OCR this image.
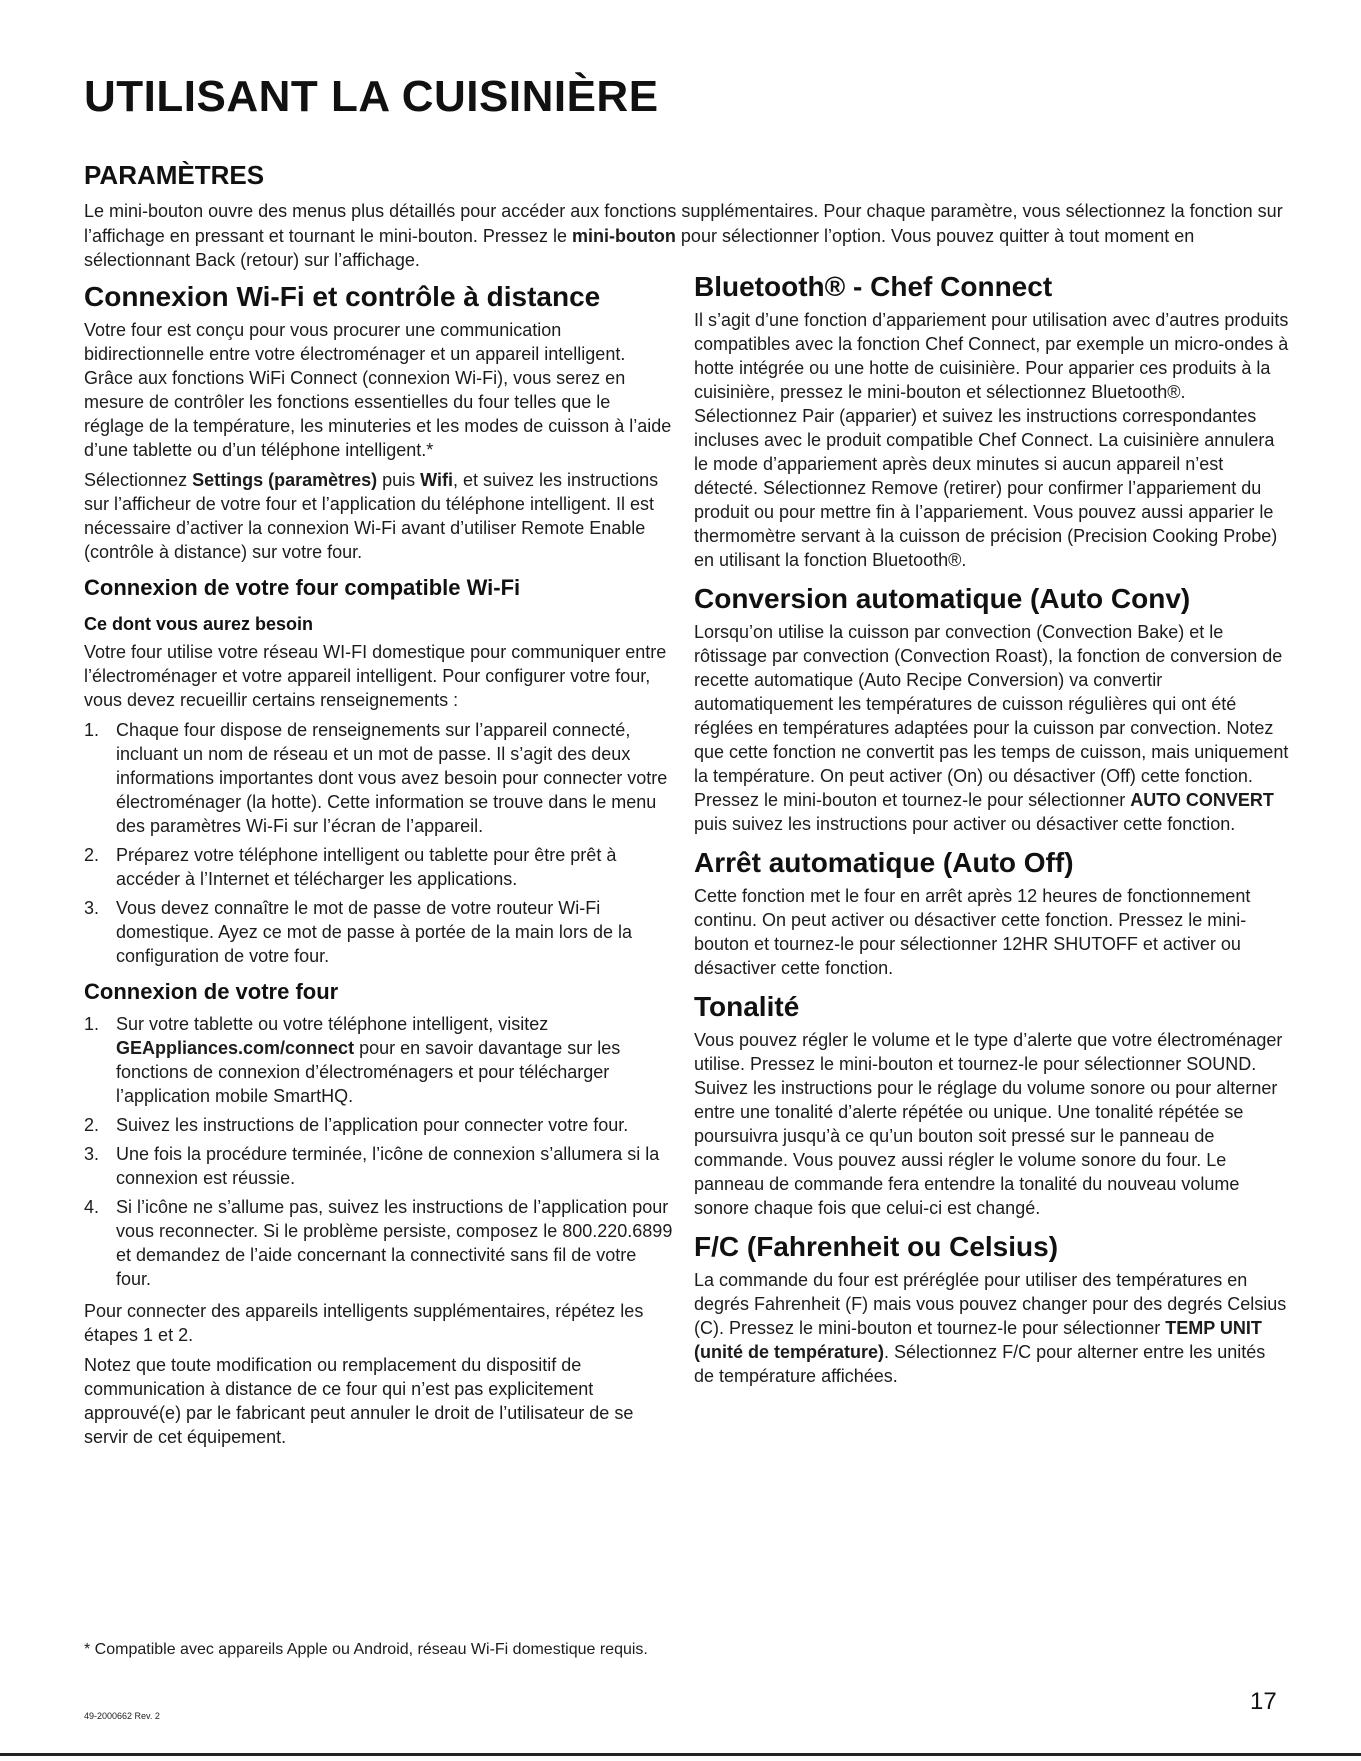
UTILISANT LA CUISINIÈRE
PARAMÈTRES

Le mini-bouton ouvre des menus plus détaillés pour accéder aux fonctions supplémentaires. Pour chaque paramètre, vous sélectionnez la fonction sur l’affichage en pressant et tournant le mini-bouton. Pressez le mini-bouton pour sélectionner l’option. Vous pouvez quitter à tout moment en sélectionnant Back (retour) sur l’affichage.

Connexion Wi-Fi et contrôle à distance

Votre four est conçu pour vous procurer une communication bidirectionnelle entre votre électroménager et un appareil intelligent. Grâce aux fonctions WiFi Connect (connexion Wi-Fi), vous serez en mesure de contrôler les fonctions essentielles du four telles que le réglage de la température, les minuteries et les modes de cuisson à l’aide d’une tablette ou d’un téléphone intelligent.*

Sélectionnez Settings (paramètres) puis Wifi, et suivez les instructions sur l’afficheur de votre four et l’application du téléphone intelligent. Il est nécessaire d’activer la connexion Wi-Fi avant d’utiliser Remote Enable (contrôle à distance) sur votre four.

Connexion de votre four compatible Wi-Fi
Ce dont vous aurez besoin

Votre four utilise votre réseau WI-FI domestique pour communiquer entre l’électroménager et votre appareil intelligent. Pour configurer votre four, vous devez recueillir certains renseignements :

1. Chaque four dispose de renseignements sur l’appareil connecté, incluant un nom de réseau et un mot de passe. Il s’agit des deux informations importantes dont vous avez besoin pour connecter votre électroménager (la hotte). Cette information se trouve dans le menu des paramètres Wi-Fi sur l’écran de l’appareil.
2. Préparez votre téléphone intelligent ou tablette pour être prêt à accéder à l’Internet et télécharger les applications.
3. Vous devez connaître le mot de passe de votre routeur Wi-Fi domestique. Ayez ce mot de passe à portée de la main lors de la configuration de votre four.
Connexion de votre four
1. Sur votre tablette ou votre téléphone intelligent, visitez GEAppliances.com/connect pour en savoir davantage sur les fonctions de connexion d’électroménagers et pour télécharger l’application mobile SmartHQ.
2. Suivez les instructions de l’application pour connecter votre four.
3. Une fois la procédure terminée, l’icône de connexion s’allumera si la connexion est réussie.
4. Si l’icône ne s’allume pas, suivez les instructions de l’application pour vous reconnecter. Si le problème persiste, composez le 800.220.6899 et demandez de l’aide concernant la connectivité sans fil de votre four.

Pour connecter des appareils intelligents supplémentaires, répétez les étapes 1 et 2.

Notez que toute modification ou remplacement du dispositif de communication à distance de ce four qui n’est pas explicitement approuvé(e) par le fabricant peut annuler le droit de l’utilisateur de se servir de cet équipement.

Bluetooth® - Chef Connect

Il s’agit d’une fonction d’appariement pour utilisation avec d’autres produits compatibles avec la fonction Chef Connect, par exemple un micro-ondes à hotte intégrée ou une hotte de cuisinière. Pour apparier ces produits à la cuisinière, pressez le mini-bouton et sélectionnez Bluetooth®. Sélectionnez Pair (apparier) et suivez les instructions correspondantes incluses avec le produit compatible Chef Connect. La cuisinière annulera le mode d’appariement après deux minutes si aucun appareil n’est détecté. Sélectionnez Remove (retirer) pour confirmer l’appariement du produit ou pour mettre fin à l’appariement. Vous pouvez aussi apparier le thermomètre servant à la cuisson de précision (Precision Cooking Probe) en utilisant la fonction Bluetooth®.

Conversion automatique (Auto Conv)

Lorsqu’on utilise la cuisson par convection (Convection Bake) et le rôtissage par convection (Convection Roast), la fonction de conversion de recette automatique (Auto Recipe Conversion) va convertir automatiquement les températures de cuisson régulières qui ont été réglées en températures adaptées pour la cuisson par convection. Notez que cette fonction ne convertit pas les temps de cuisson, mais uniquement la température. On peut activer (On) ou désactiver (Off) cette fonction. Pressez le mini-bouton et tournez-le pour sélectionner AUTO CONVERT puis suivez les instructions pour activer ou désactiver cette fonction.

Arrêt automatique (Auto Off)

Cette fonction met le four en arrêt après 12 heures de fonctionnement continu. On peut activer ou désactiver cette fonction. Pressez le mini-bouton et tournez-le pour sélectionner 12HR SHUTOFF et activer ou désactiver cette fonction.

Tonalité

Vous pouvez régler le volume et le type d’alerte que votre électroménager utilise. Pressez le mini-bouton et tournez-le pour sélectionner SOUND. Suivez les instructions pour le réglage du volume sonore ou pour alterner entre une tonalité d’alerte répétée ou unique. Une tonalité répétée se poursuivra jusqu’à ce qu’un bouton soit pressé sur le panneau de commande. Vous pouvez aussi régler le volume sonore du four. Le panneau de commande fera entendre la tonalité du nouveau volume sonore chaque fois que celui-ci est changé.

F/C (Fahrenheit ou Celsius)

La commande du four est préréglée pour utiliser des températures en degrés Fahrenheit (F) mais vous pouvez changer pour des degrés Celsius (C). Pressez le mini-bouton et tournez-le pour sélectionner TEMP UNIT (unité de température). Sélectionnez F/C pour alterner entre les unités de température affichées.

* Compatible avec appareils Apple ou Android, réseau Wi-Fi domestique requis.

49-2000662 Rev. 2

17
